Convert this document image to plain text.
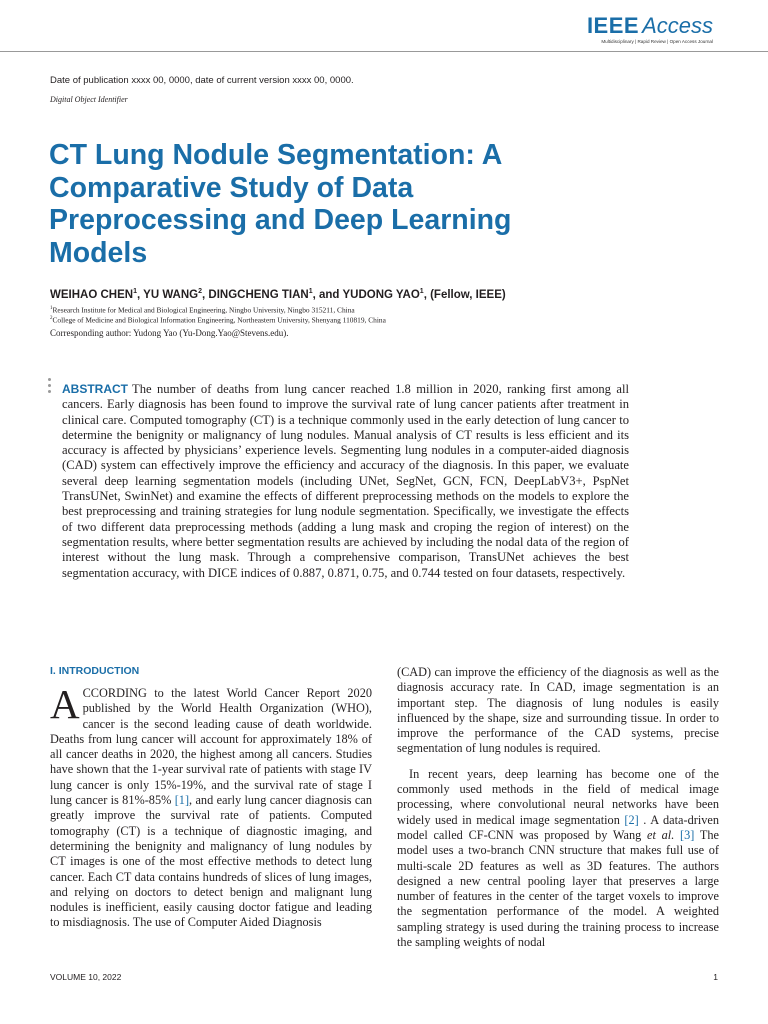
IEEE Access
Multidisciplinary | Rapid Review | Open Access Journal
Date of publication xxxx 00, 0000, date of current version xxxx 00, 0000.
Digital Object Identifier
CT Lung Nodule Segmentation: A Comparative Study of Data Preprocessing and Deep Learning Models
WEIHAO CHEN$^1$, YU WANG$^2$, DINGCHENG TIAN$^1$, and YUDONG YAO$^1$, (Fellow, IEEE)
$^1$Research Institute for Medical and Biological Engineering, Ningbo University, Ningbo 315211, China
$^2$College of Medicine and Biological Information Engineering, Northeastern University, Shenyang 110819, China
Corresponding author: Yudong Yao (Yu-Dong.Yao@Stevens.edu).
ABSTRACT The number of deaths from lung cancer reached 1.8 million in 2020, ranking first among all cancers. Early diagnosis has been found to improve the survival rate of lung cancer patients after treatment in clinical care. Computed tomography (CT) is a technique commonly used in the early detection of lung cancer to determine the benignity or malignancy of lung nodules. Manual analysis of CT results is less efficient and its accuracy is affected by physicians’ experience levels. Segmenting lung nodules in a computer-aided diagnosis (CAD) system can effectively improve the efficiency and accuracy of the diagnosis. In this paper, we evaluate several deep learning segmentation models (including UNet, SegNet, GCN, FCN, DeepLabV3+, PspNet TransUNet, SwinNet) and examine the effects of different preprocessing methods on the models to explore the best preprocessing and training strategies for lung nodule segmentation. Specifically, we investigate the effects of two different data preprocessing methods (adding a lung mask and croping the region of interest) on the segmentation results, where better segmentation results are achieved by including the nodal data of the region of interest without the lung mask. Through a comprehensive comparison, TransUNet achieves the best segmentation accuracy, with DICE indices of 0.887, 0.871, 0.75, and 0.744 tested on four datasets, respectively.
I. INTRODUCTION

ACCORDING to the latest World Cancer Report 2020 published by the World Health Organization (WHO), cancer is the second leading cause of death worldwide. Deaths from lung cancer will account for approximately 18% of all cancer deaths in 2020, the highest among all cancers. Studies have shown that the 1-year survival rate of patients with stage IV lung cancer is only 15%-19%, and the survival rate of stage I lung cancer is 81%-85% [1], and early lung cancer diagnosis can greatly improve the survival rate of patients. Computed tomography (CT) is a technique of diagnostic imaging, and determining the benignity and malignancy of lung nodules by CT images is one of the most effective methods to detect lung cancer. Each CT data contains hundreds of slices of lung images, and relying on doctors to detect benign and malignant lung nodules is inefficient, easily causing doctor fatigue and leading to misdiagnosis. The use of Computer Aided Diagnosis

(CAD) can improve the efficiency of the diagnosis as well as the diagnosis accuracy rate. In CAD, image segmentation is an important step. The diagnosis of lung nodules is easily influenced by the shape, size and surrounding tissue. In order to improve the performance of the CAD systems, precise segmentation of lung nodules is required.

In recent years, deep learning has become one of the commonly used methods in the field of medical image processing, where convolutional neural networks have been widely used in medical image segmentation [2] . A data-driven model called CF-CNN was proposed by Wang et al. [3] The model uses a two-branch CNN structure that makes full use of multi-scale 2D features as well as 3D features. The authors designed a new central pooling layer that preserves a large number of features in the center of the target voxels to improve the segmentation performance of the model. A weighted sampling strategy is used during the training process to increase the sampling weights of nodal

VOLUME 10, 2022	1
